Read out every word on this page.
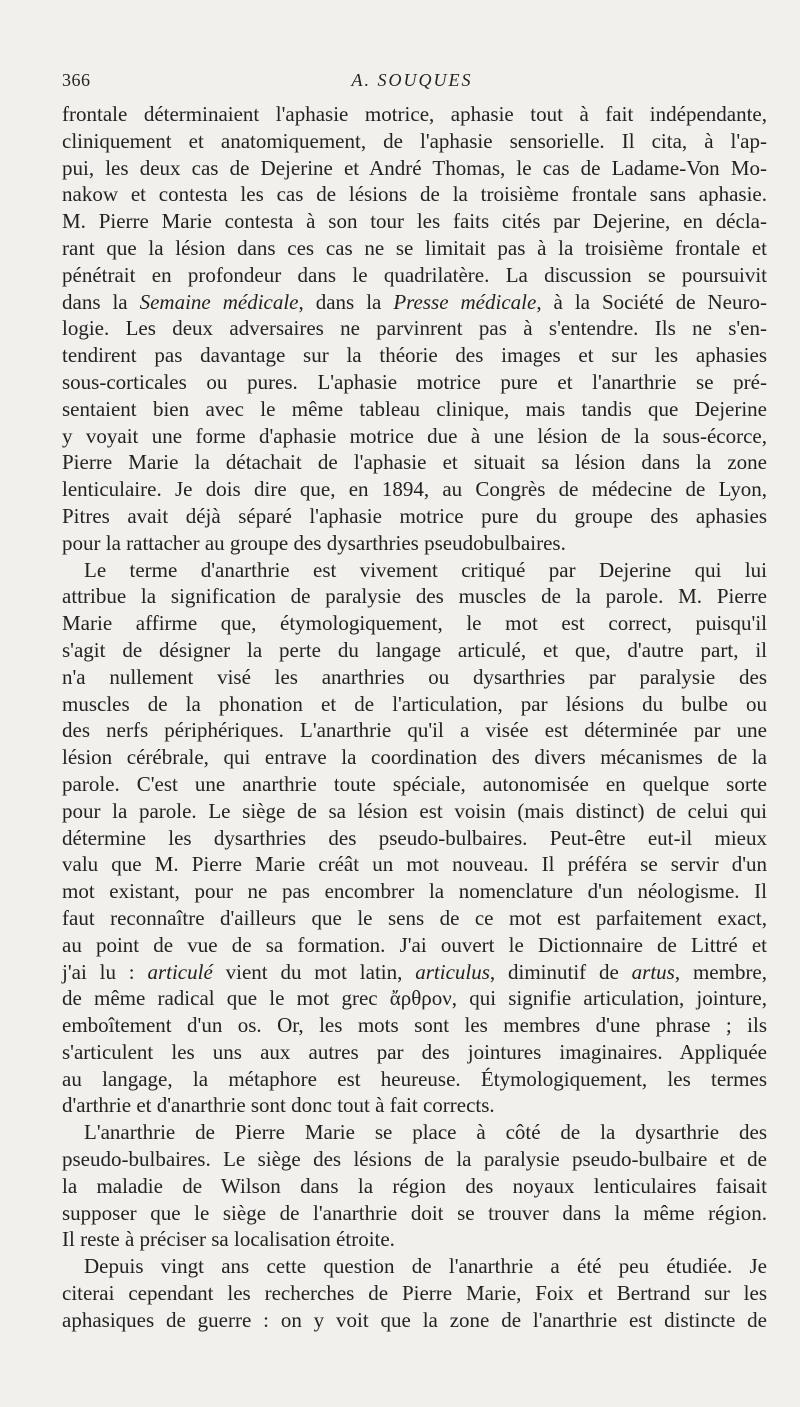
366	A. SOUQUES
frontale déterminaient l'aphasie motrice, aphasie tout à fait indépendante,
cliniquement et anatomiquement, de l'aphasie sensorielle. Il cita, à l'ap-
pui, les deux cas de Dejerine et André Thomas, le cas de Ladame-Von Mo-
nakow et contesta les cas de lésions de la troisième frontale sans aphasie.
M. Pierre Marie contesta à son tour les faits cités par Dejerine, en décla-
rant que la lésion dans ces cas ne se limitait pas à la troisième frontale et
pénétrait en profondeur dans le quadrilatère. La discussion se poursuivit
dans la Semaine médicale, dans la Presse médicale, à la Société de Neuro-
logie. Les deux adversaires ne parvinrent pas à s'entendre. Ils ne s'en-
tendirent pas davantage sur la théorie des images et sur les aphasies
sous-corticales ou pures. L'aphasie motrice pure et l'anarthrie se pré-
sentaient bien avec le même tableau clinique, mais tandis que Dejerine
y voyait une forme d'aphasie motrice due à une lésion de la sous-écorce,
Pierre Marie la détachait de l'aphasie et situait sa lésion dans la zone
lenticulaire. Je dois dire que, en 1894, au Congrès de médecine de Lyon,
Pitres avait déjà séparé l'aphasie motrice pure du groupe des aphasies
pour la rattacher au groupe des dysarthries pseudobulbaires.
Le terme d'anarthrie est vivement critiqué par Dejerine qui lui
attribue la signification de paralysie des muscles de la parole. M. Pierre
Marie affirme que, étymologiquement, le mot est correct, puisqu'il
s'agit de désigner la perte du langage articulé, et que, d'autre part, il
n'a nullement visé les anarthries ou dysarthries par paralysie des
muscles de la phonation et de l'articulation, par lésions du bulbe ou
des nerfs périphériques. L'anarthrie qu'il a visée est déterminée par une
lésion cérébrale, qui entrave la coordination des divers mécanismes de la
parole. C'est une anarthrie toute spéciale, autonomisée en quelque sorte
pour la parole. Le siège de sa lésion est voisin (mais distinct) de celui qui
détermine les dysarthries des pseudo-bulbaires. Peut-être eut-il mieux
valu que M. Pierre Marie créât un mot nouveau. Il préféra se servir d'un
mot existant, pour ne pas encombrer la nomenclature d'un néologisme. Il
faut reconnaître d'ailleurs que le sens de ce mot est parfaitement exact,
au point de vue de sa formation. J'ai ouvert le Dictionnaire de Littré et
j'ai lu : articulé vient du mot latin, articulus, diminutif de artus, membre,
de même radical que le mot grec ἄρθρον, qui signifie articulation, jointure,
emboîtement d'un os. Or, les mots sont les membres d'une phrase ; ils
s'articulent les uns aux autres par des jointures imaginaires. Appliquée
au langage, la métaphore est heureuse. Étymologiquement, les termes
d'arthrie et d'anarthrie sont donc tout à fait corrects.
L'anarthrie de Pierre Marie se place à côté de la dysarthrie des
pseudo-bulbaires. Le siège des lésions de la paralysie pseudo-bulbaire et de
la maladie de Wilson dans la région des noyaux lenticulaires faisait
supposer que le siège de l'anarthrie doit se trouver dans la même région.
Il reste à préciser sa localisation étroite.
Depuis vingt ans cette question de l'anarthrie a été peu étudiée. Je
citerai cependant les recherches de Pierre Marie, Foix et Bertrand sur les
aphasiques de guerre : on y voit que la zone de l'anarthrie est distincte de
